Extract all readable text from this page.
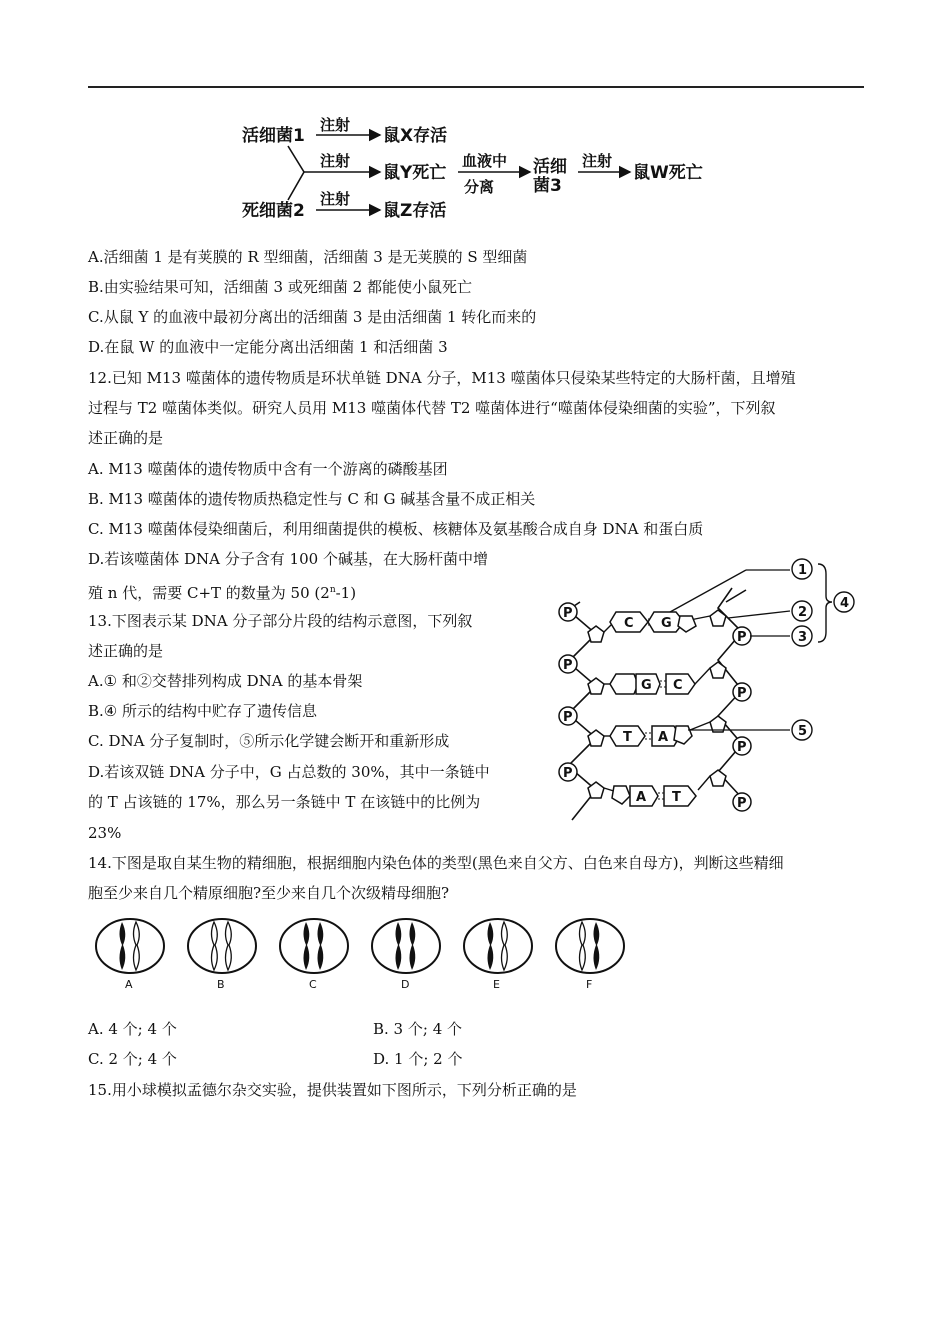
活细菌1
死细菌2
注射
鼠X存活
注射
鼠Y死亡
血液中
分离
活细
菌3
注射
鼠W死亡
注射
鼠Z存活
A.活细菌 1 是有荚膜的 R 型细菌，活细菌 3 是无荚膜的 S 型细菌
B.由实验结果可知，活细菌 3 或死细菌 2 都能使小鼠死亡
C.从鼠 Y 的血液中最初分离出的活细菌 3 是由活细菌 1 转化而来的
D.在鼠 W 的血液中一定能分离出活细菌 1 和活细菌 3
12.已知 M13 噬菌体的遗传物质是环状单链 DNA 分子，M13 噬菌体只侵染某些特定的大肠杆菌，且增殖
过程与 T2 噬菌体类似。研究人员用 M13 噬菌体代替 T2 噬菌体进行“噬菌体侵染细菌的实验”，下列叙
述正确的是
A. M13 噬菌体的遗传物质中含有一个游离的磷酸基团
B. M13 噬菌体的遗传物质热稳定性与 C 和 G 碱基含量不成正相关
C. M13 噬菌体侵染细菌后，利用细菌提供的模板、核糖体及氨基酸合成自身 DNA 和蛋白质
D.若该噬菌体 DNA 分子含有 100 个碱基，在大肠杆菌中增
殖 n 代，需要 C+T 的数量为 50 (2$^n$-1)
13.下图表示某 DNA 分子部分片段的结构示意图，下列叙
述正确的是
A.① 和②交替排列构成 DNA 的基本骨架
B.④ 所示的结构中贮存了遗传信息
C. DNA 分子复制时，⑤所示化学键会断开和重新形成
D.若该双链 DNA 分子中，G 占总数的 30%，其中一条链中
的 T 占该链的 17%，那么另一条链中 T 在该链中的比例为
23%
14.下图是取自某生物的精细胞，根据细胞内染色体的类型(黑色来自父方、白色来自母方)，判断这些精细
胞至少来自几个精原细胞?至少来自几个次级精母细胞?
A. 4 个; 4 个	B. 3 个; 4 个
C. 2 个; 4 个	D. 1 个; 2 个
15.用小球模拟孟德尔杂交实验，提供装置如下图所示，下列分析正确的是
P
P
P
P
P
P
P
P
C G
G C
T A
A T
1
2
3
4
5
A	B	C	D	E	F
